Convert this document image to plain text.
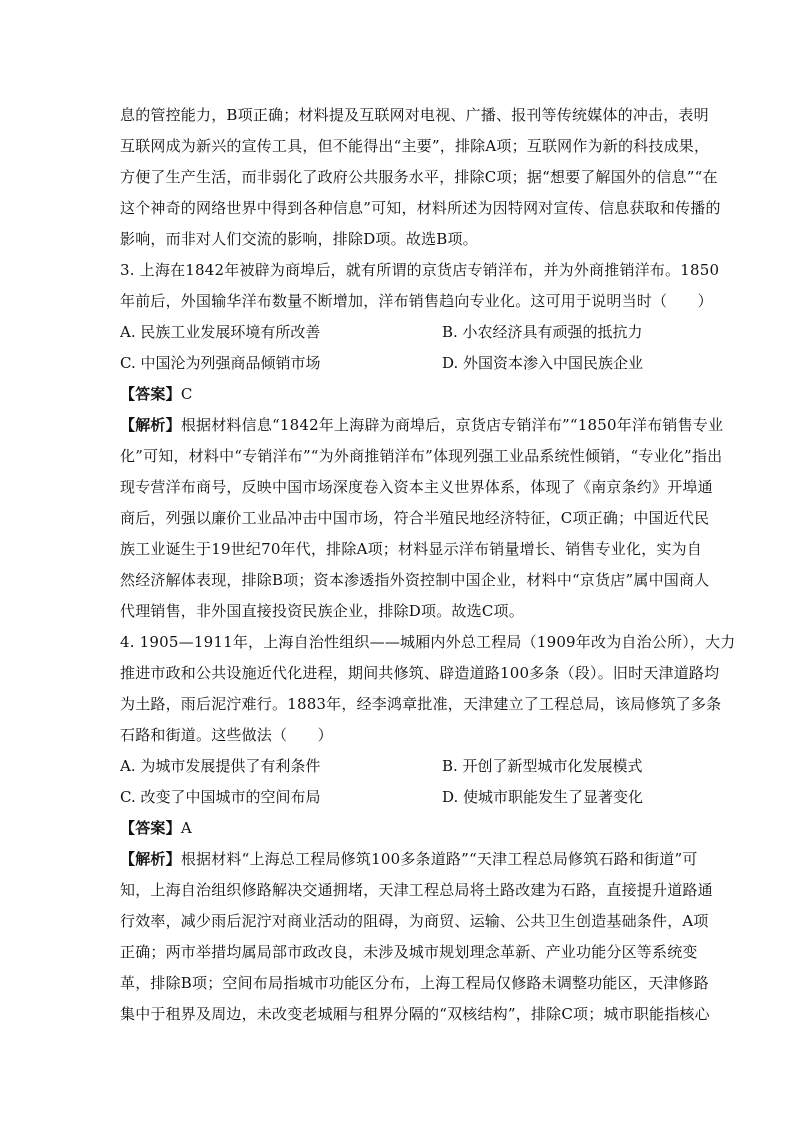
息的管控能力，B项正确；材料提及互联网对电视、广播、报刊等传统媒体的冲击，表明
互联网成为新兴的宣传工具，但不能得出“主要”，排除A项；互联网作为新的科技成果，
方便了生产生活，而非弱化了政府公共服务水平，排除C项；据“想要了解国外的信息”“在
这个神奇的网络世界中得到各种信息”可知，材料所述为因特网对宣传、信息获取和传播的
影响，而非对人们交流的影响，排除D项。故选B项。
3. 上海在1842年被辟为商埠后，就有所谓的京货店专销洋布，并为外商推销洋布。1850
年前后，外国输华洋布数量不断增加，洋布销售趋向专业化。这可用于说明当时（　　）
A. 民族工业发展环境有所改善	B. 小农经济具有顽强的抵抗力
C. 中国沦为列强商品倾销市场	D. 外国资本渗入中国民族企业
【答案】C
【解析】根据材料信息“1842年上海辟为商埠后，京货店专销洋布”“1850年洋布销售专业
化”可知，材料中“专销洋布”“为外商推销洋布”体现列强工业品系统性倾销，“专业化”指出
现专营洋布商号，反映中国市场深度卷入资本主义世界体系，体现了《南京条约》开埠通
商后，列强以廉价工业品冲击中国市场，符合半殖民地经济特征，C项正确；中国近代民
族工业诞生于19世纪70年代，排除A项；材料显示洋布销量增长、销售专业化，实为自
然经济解体表现，排除B项；资本渗透指外资控制中国企业，材料中“京货店”属中国商人
代理销售，非外国直接投资民族企业，排除D项。故选C项。
4. 1905—1911年，上海自治性组织——城厢内外总工程局（1909年改为自治公所），大力
推进市政和公共设施近代化进程，期间共修筑、辟造道路100多条（段）。旧时天津道路均
为土路，雨后泥泞难行。1883年，经李鸿章批准，天津建立了工程总局，该局修筑了多条
石路和街道。这些做法（　　）
A. 为城市发展提供了有利条件	B. 开创了新型城市化发展模式
C. 改变了中国城市的空间布局	D. 使城市职能发生了显著变化
【答案】A
【解析】根据材料“上海总工程局修筑100多条道路”“天津工程总局修筑石路和街道”可
知，上海自治组织修路解决交通拥堵，天津工程总局将土路改建为石路，直接提升道路通
行效率，减少雨后泥泞对商业活动的阻碍，为商贸、运输、公共卫生创造基础条件，A项
正确；两市举措均属局部市政改良，未涉及城市规划理念革新、产业功能分区等系统变
革，排除B项；空间布局指城市功能区分布，上海工程局仅修路未调整功能区，天津修路
集中于租界及周边，未改变老城厢与租界分隔的“双核结构”，排除C项；城市职能指核心
